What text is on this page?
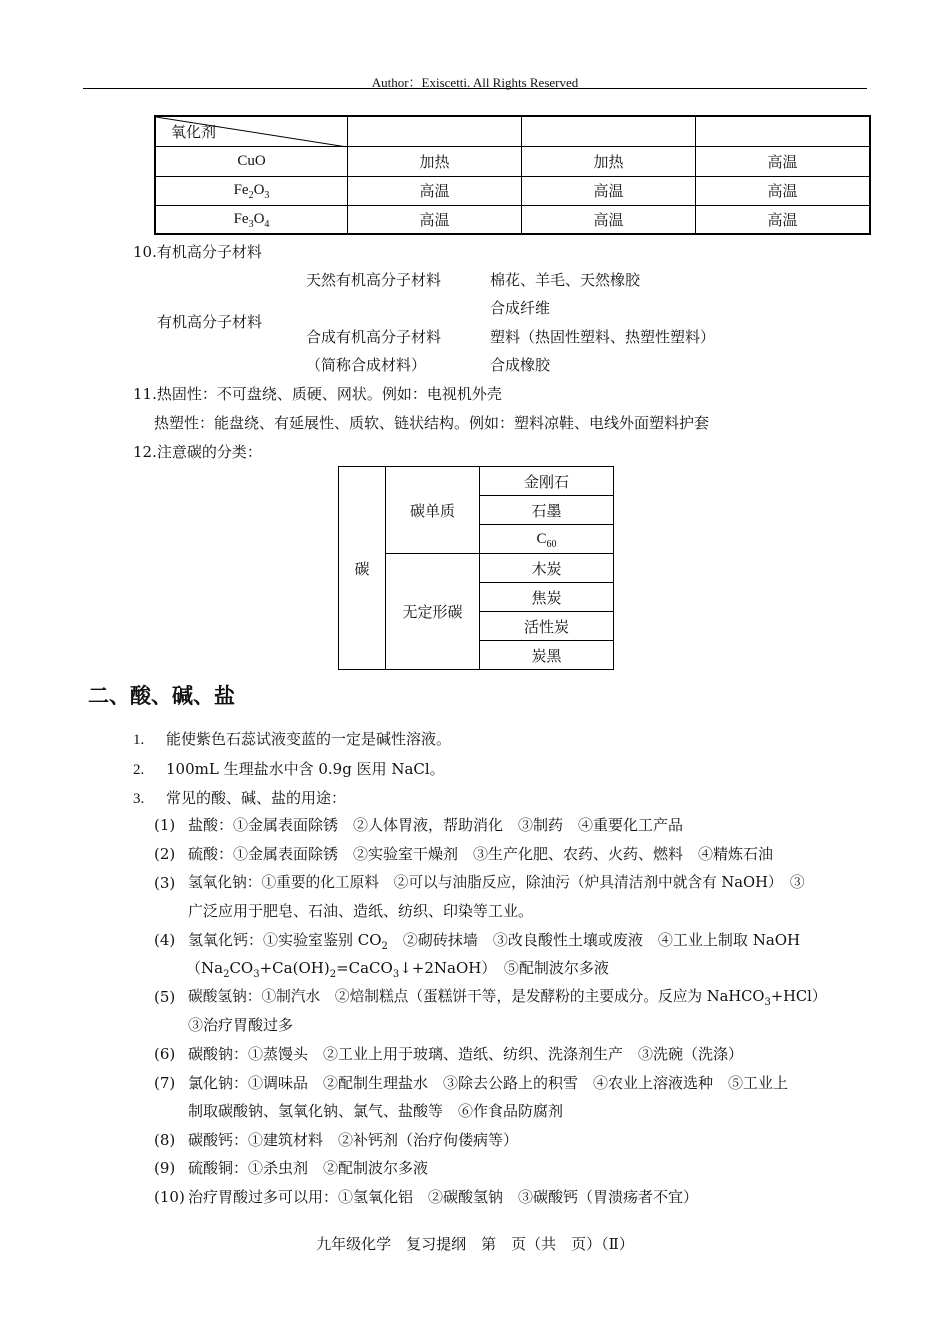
Author：Exiscetti. All Rights Reserved
氧化剂			
CuO	加热	加热	高温
$Fe_2O_3$	高温	高温	高温
$Fe_3O_4$	高温	高温	高温
10.有机高分子材料
有机高分子材料
天然有机高分子材料	棉花、羊毛、天然橡胶
合成纤维
合成有机高分子材料	塑料（热固性塑料、热塑性塑料）
（简称合成材料）	合成橡胶
11.热固性：不可盘绕、质硬、网状。例如：电视机外壳
热塑性：能盘绕、有延展性、质软、链状结构。例如：塑料凉鞋、电线外面塑料护套
12.注意碳的分类：
碳	碳单质	金刚石
		石墨
		$C_{60}$
	无定形碳	木炭
		焦炭
		活性炭
		炭黑
二、酸、碱、盐
1. 能使紫色石蕊试液变蓝的一定是碱性溶液。
2. 100mL 生理盐水中含 0.9g 医用 NaCl。
3. 常见的酸、碱、盐的用途：
(1) 盐酸：①金属表面除锈　②人体胃液，帮助消化　③制药　④重要化工产品
(2) 硫酸：①金属表面除锈　②实验室干燥剂　③生产化肥、农药、火药、燃料　④精炼石油
(3) 氢氧化钠：①重要的化工原料　②可以与油脂反应，除油污（炉具清洁剂中就含有 NaOH）　③
广泛应用于肥皂、石油、造纸、纺织、印染等工业。
(4) 氢氧化钙：①实验室鉴别 $CO_2$　②砌砖抹墙　③改良酸性土壤或废液　④工业上制取 NaOH
$(Na_2CO_3+Ca(OH)_2=CaCO_3↓+2NaOH)$　⑤配制波尔多液
(5) 碳酸氢钠：①制汽水　②焙制糕点（蛋糕饼干等，是发酵粉的主要成分。反应为 NaHCO$_3$+HCl）
③治疗胃酸过多
(6) 碳酸钠：①蒸馒头　②工业上用于玻璃、造纸、纺织、洗涤剂生产　③洗碗（洗涤）
(7) 氯化钠：①调味品　②配制生理盐水　③除去公路上的积雪　④农业上溶液选种　⑤工业上
制取碳酸钠、氢氧化钠、氯气、盐酸等　⑥作食品防腐剂
(8) 碳酸钙：①建筑材料　②补钙剂（治疗佝偻病等）
(9) 硫酸铜：①杀虫剂　②配制波尔多液
(10) 治疗胃酸过多可以用：①氢氧化铝　②碳酸氢钠　③碳酸钙（胃溃疡者不宜）
九年级化学　复习提纲　第　页（共　页）（Ⅱ）
